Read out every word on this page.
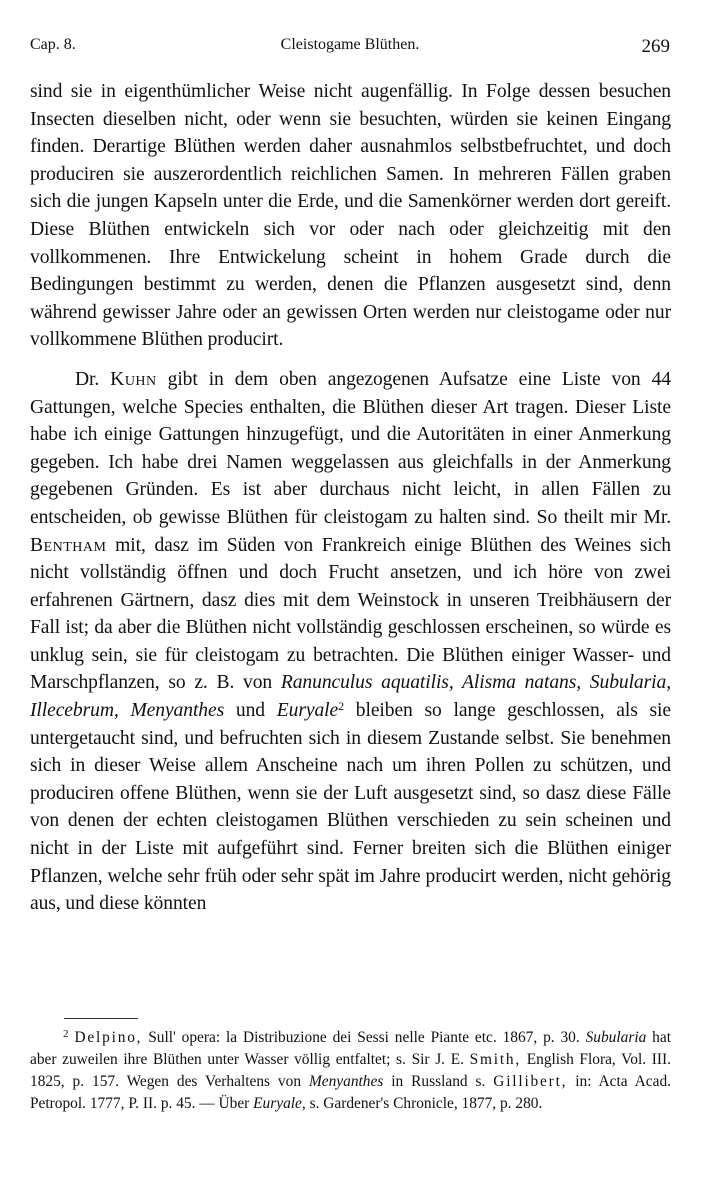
Cap. 8.	Cleistogame Blüthen.	269

sind sie in eigenthümlicher Weise nicht augenfällig. In Folge dessen besuchen Insecten dieselben nicht, oder wenn sie besuchten, würden sie keinen Eingang finden. Derartige Blüthen werden daher ausnahmlos selbstbefruchtet, und doch produciren sie auszerordentlich reichlichen Samen. In mehreren Fällen graben sich die jungen Kapseln unter die Erde, und die Samenkörner werden dort gereift. Diese Blüthen entwickeln sich vor oder nach oder gleichzeitig mit den vollkommenen. Ihre Entwickelung scheint in hohem Grade durch die Bedingungen bestimmt zu werden, denen die Pflanzen ausgesetzt sind, denn während gewisser Jahre oder an gewissen Orten werden nur cleistogame oder nur vollkommene Blüthen producirt.

Dr. Kuhn gibt in dem oben angezogenen Aufsatze eine Liste von 44 Gattungen, welche Species enthalten, die Blüthen dieser Art tragen. Dieser Liste habe ich einige Gattungen hinzugefügt, und die Autoritäten in einer Anmerkung gegeben. Ich habe drei Namen weggelassen aus gleichfalls in der Anmerkung gegebenen Gründen. Es ist aber durchaus nicht leicht, in allen Fällen zu entscheiden, ob gewisse Blüthen für cleistogam zu halten sind. So theilt mir Mr. Bentham mit, dasz im Süden von Frankreich einige Blüthen des Weines sich nicht vollständig öffnen und doch Frucht ansetzen, und ich höre von zwei erfahrenen Gärtnern, dasz dies mit dem Weinstock in unseren Treibhäusern der Fall ist; da aber die Blüthen nicht vollständig geschlossen erscheinen, so würde es unklug sein, sie für cleistogam zu betrachten. Die Blüthen einiger Wasser- und Marschpflanzen, so z. B. von Ranunculus aquatilis, Alisma natans, Subularia, Illecebrum, Menyanthes und Euryale$^2$ bleiben so lange geschlossen, als sie untergetaucht sind, und befruchten sich in diesem Zustande selbst. Sie benehmen sich in dieser Weise allem Anscheine nach um ihren Pollen zu schützen, und produciren offene Blüthen, wenn sie der Luft ausgesetzt sind, so dasz diese Fälle von denen der echten cleistogamen Blüthen verschieden zu sein scheinen und nicht in der Liste mit aufgeführt sind. Ferner breiten sich die Blüthen einiger Pflanzen, welche sehr früh oder sehr spät im Jahre producirt werden, nicht gehörig aus, und diese könnten

$^2$ Delpino, Sull' opera: la Distribuzione dei Sessi nelle Piante etc. 1867, p. 30. Subularia hat aber zuweilen ihre Blüthen unter Wasser völlig entfaltet; s. Sir J. E. Smith, English Flora, Vol. III. 1825, p. 157. Wegen des Verhaltens von Menyanthes in Russland s. Gillibert, in: Acta Acad. Petropol. 1777, P. II. p. 45. — Über Euryale, s. Gardener's Chronicle, 1877, p. 280.
